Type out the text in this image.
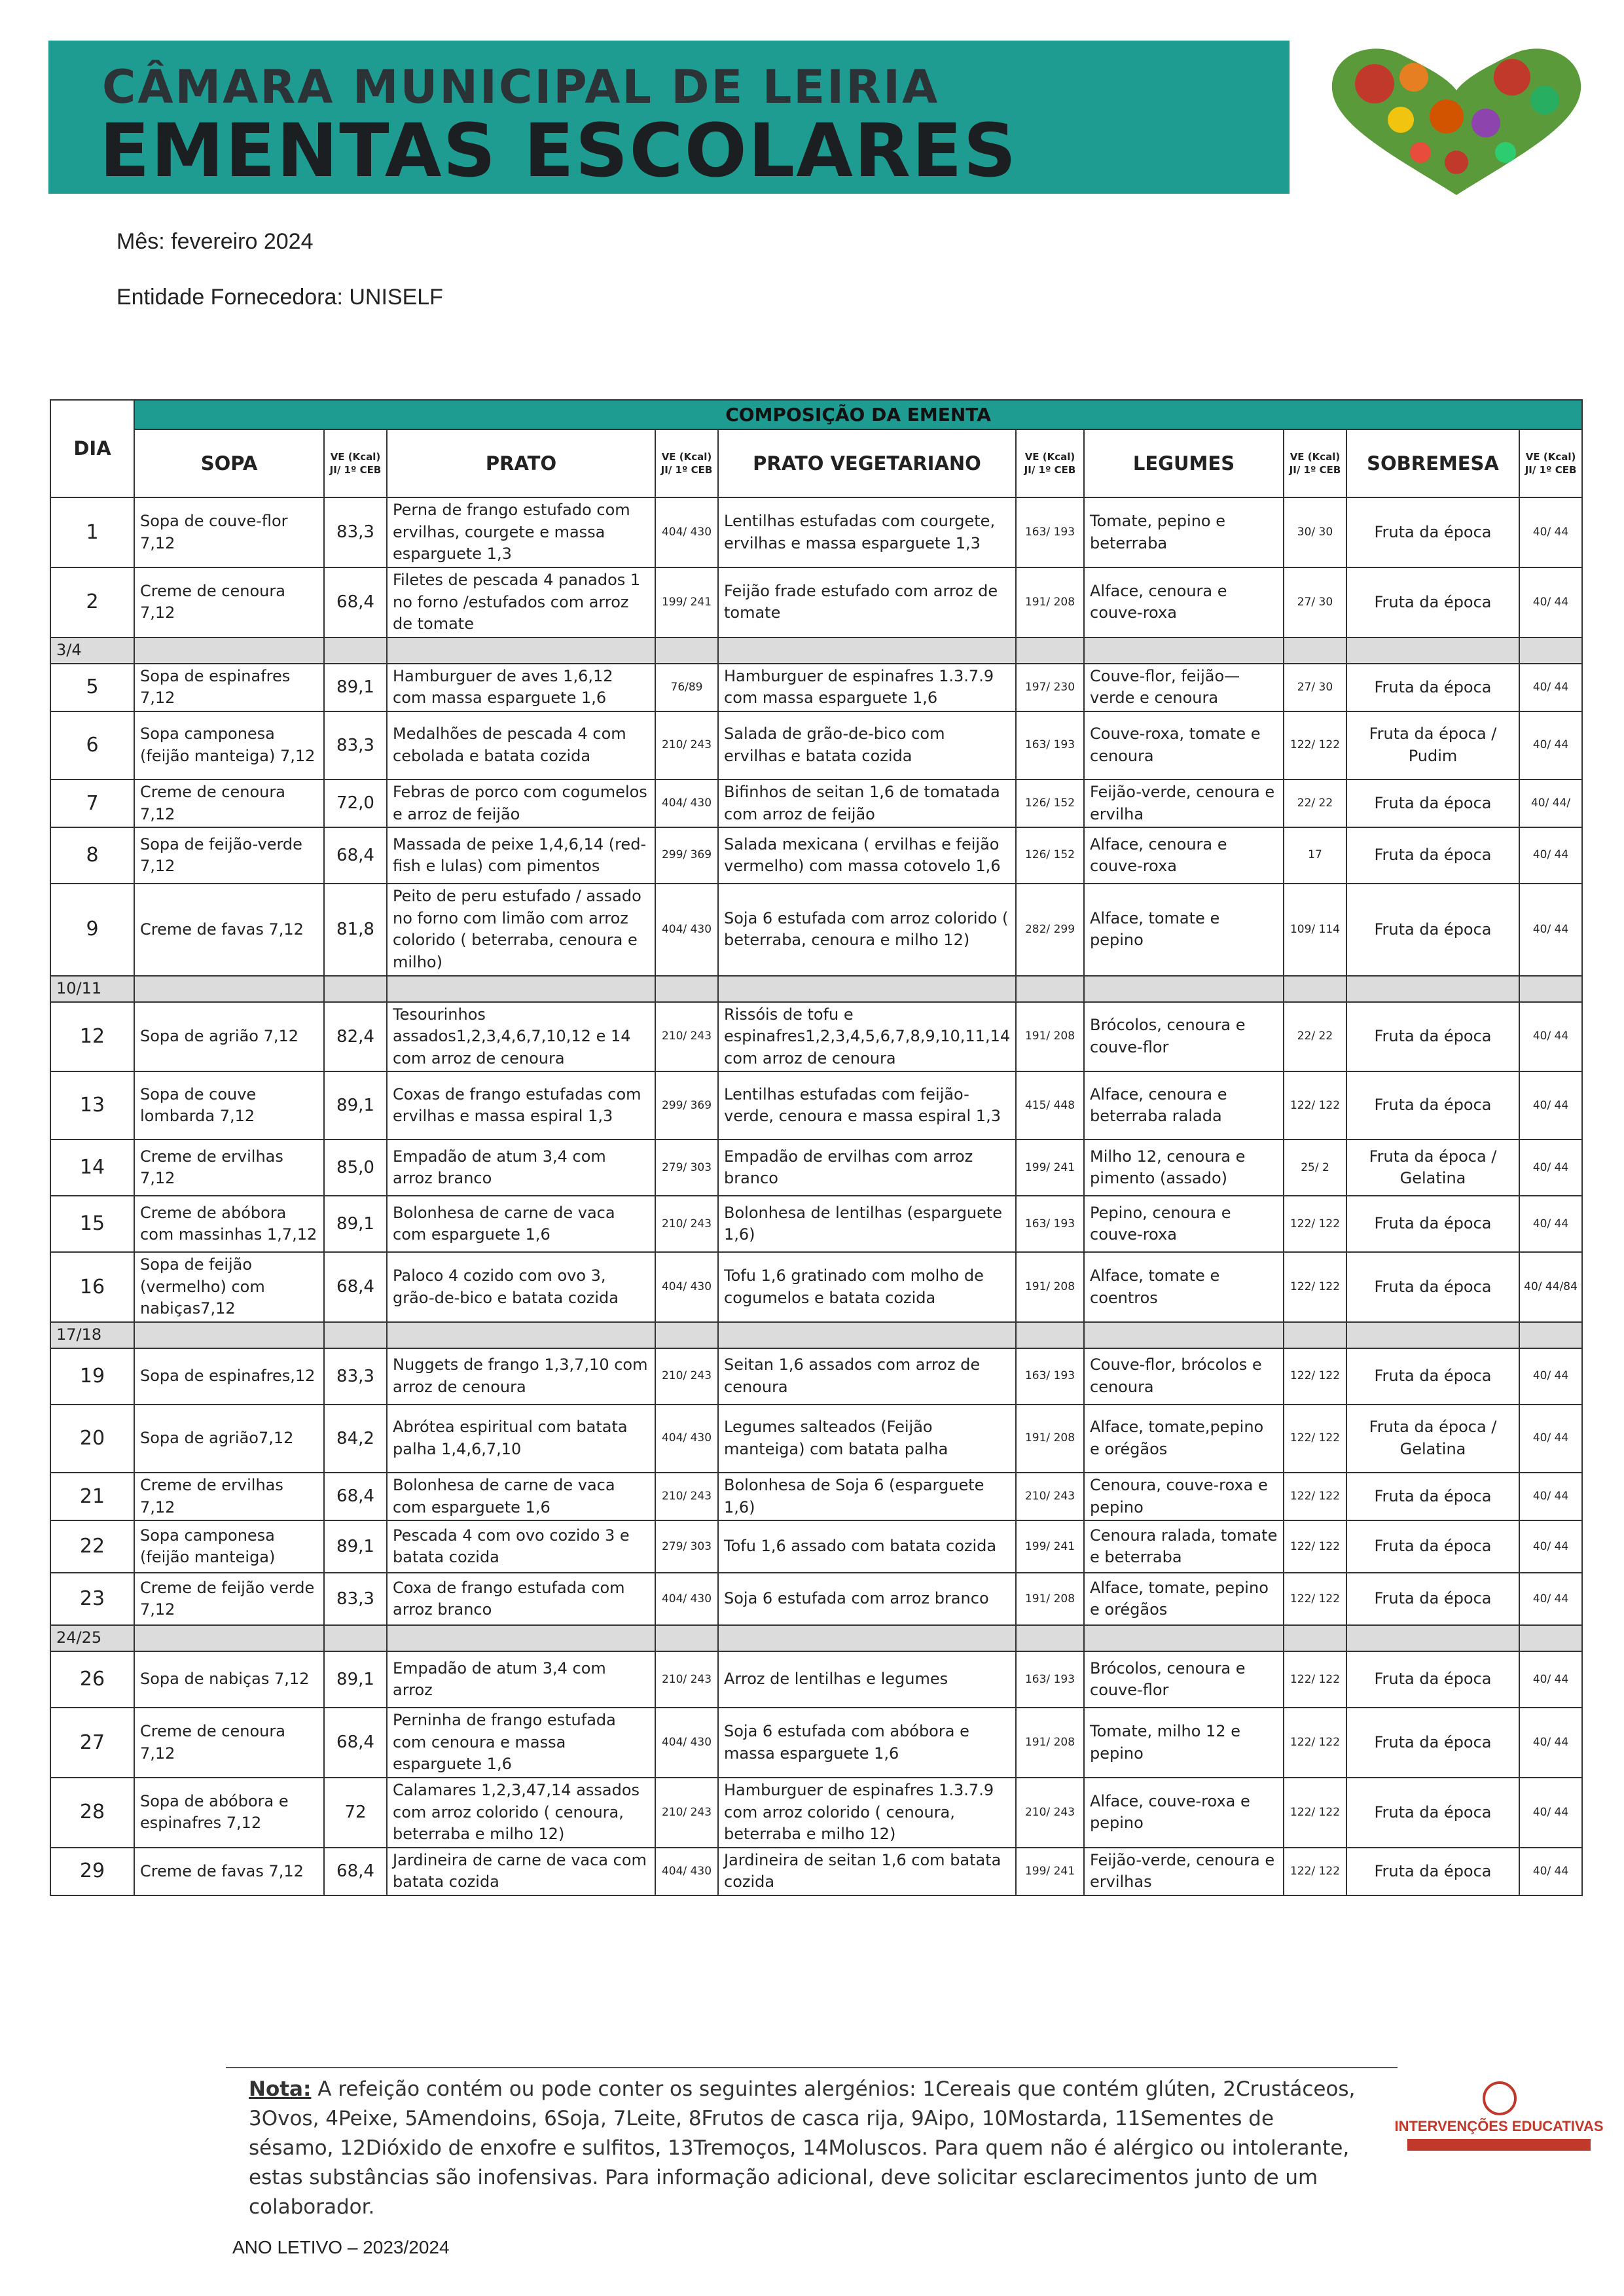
CÂMARA MUNICIPAL DE LEIRIA
EMENTAS ESCOLARES
Mês: fevereiro 2024
Entidade Fornecedora: UNISELF
DIA	COMPOSIÇÃO DA EMENTA									
	SOPA	VE (Kcal) JI/ 1º CEB	PRATO	VE (Kcal) JI/ 1º CEB	PRATO VEGETARIANO	VE (Kcal) JI/ 1º CEB	LEGUMES	VE (Kcal) JI/ 1º CEB	SOBREMESA	VE (Kcal) JI/ 1º CEB
1	Sopa de couve-flor 7,12	83,3	Perna de frango estufado com ervilhas, courgete e massa esparguete 1,3	404/ 430	Lentilhas estufadas com courgete, ervilhas e massa esparguete 1,3	163/ 193	Tomate, pepino e beterraba	30/ 30	Fruta da época	40/ 44
2	Creme de cenoura 7,12	68,4	Filetes de pescada 4 panados 1 no forno /estufados com arroz de tomate	199/ 241	Feijão frade estufado com arroz de tomate	191/ 208	Alface, cenoura e couve-roxa	27/ 30	Fruta da época	40/ 44
3/4										
5	Sopa de espinafres 7,12	89,1	Hamburguer de aves 1,6,12 com massa esparguete 1,6	76/89	Hamburguer de espinafres 1.3.7.9 com massa esparguete 1,6	197/ 230	Couve-flor, feijão—verde e cenoura	27/ 30	Fruta da época	40/ 44
6	Sopa camponesa (feijão manteiga) 7,12	83,3	Medalhões de pescada 4 com cebolada e batata cozida	210/ 243	Salada de grão-de-bico com ervilhas e batata cozida	163/ 193	Couve-roxa, tomate e cenoura	122/ 122	Fruta da época / Pudim	40/ 44
7	Creme de cenoura 7,12	72,0	Febras de porco com cogumelos e arroz de feijão	404/ 430	Bifinhos de seitan 1,6 de tomatada com arroz de feijão	126/ 152	Feijão-verde, cenoura e ervilha	22/ 22	Fruta da época	40/ 44/
8	Sopa de feijão-verde 7,12	68,4	Massada de peixe 1,4,6,14 (red-fish e lulas) com pimentos	299/ 369	Salada mexicana ( ervilhas e feijão vermelho) com massa cotovelo 1,6	126/ 152	Alface, cenoura e couve-roxa	17	Fruta da época	40/ 44
9	Creme de favas 7,12	81,8	Peito de peru estufado / assado no forno com limão com arroz colorido ( beterraba, cenoura e milho)	404/ 430	Soja 6 estufada com arroz colorido ( beterraba, cenoura e milho 12)	282/ 299	Alface, tomate e pepino	109/ 114	Fruta da época	40/ 44
10/11										
12	Sopa de agrião 7,12	82,4	Tesourinhos assados1,2,3,4,6,7,10,12 e 14 com arroz de cenoura	210/ 243	Rissóis de tofu e espinafres1,2,3,4,5,6,7,8,9,10,11,14 com arroz de cenoura	191/ 208	Brócolos, cenoura e couve-flor	22/ 22	Fruta da época	40/ 44
13	Sopa de couve lombarda 7,12	89,1	Coxas de frango estufadas com ervilhas e massa espiral 1,3	299/ 369	Lentilhas estufadas com feijão-verde, cenoura e massa espiral 1,3	415/ 448	Alface, cenoura e beterraba ralada	122/ 122	Fruta da época	40/ 44
14	Creme de ervilhas 7,12	85,0	Empadão de atum 3,4 com arroz branco	279/ 303	Empadão de ervilhas com arroz branco	199/ 241	Milho 12, cenoura e pimento (assado)	25/ 2	Fruta da época / Gelatina	40/ 44
15	Creme de abóbora com massinhas 1,7,12	89,1	Bolonhesa de carne de vaca com esparguete 1,6	210/ 243	Bolonhesa de lentilhas (esparguete 1,6)	163/ 193	Pepino, cenoura e couve-roxa	122/ 122	Fruta da época	40/ 44
16	Sopa de feijão (vermelho) com nabiças7,12	68,4	Paloco 4 cozido com ovo 3, grão-de-bico e batata cozida	404/ 430	Tofu 1,6 gratinado com molho de cogumelos e batata cozida	191/ 208	Alface, tomate e coentros	122/ 122	Fruta da época	40/ 44/84
17/18										
19	Sopa de espinafres,12	83,3	Nuggets de frango 1,3,7,10 com arroz de cenoura	210/ 243	Seitan 1,6 assados com arroz de cenoura	163/ 193	Couve-flor, brócolos e cenoura	122/ 122	Fruta da época	40/ 44
20	Sopa de agrião7,12	84,2	Abrótea espiritual com batata palha 1,4,6,7,10	404/ 430	Legumes salteados (Feijão manteiga) com batata palha	191/ 208	Alface, tomate,pepino e orégãos	122/ 122	Fruta da época / Gelatina	40/ 44
21	Creme de ervilhas 7,12	68,4	Bolonhesa de carne de vaca com esparguete 1,6	210/ 243	Bolonhesa de Soja 6 (esparguete 1,6)	210/ 243	Cenoura, couve-roxa e pepino	122/ 122	Fruta da época	40/ 44
22	Sopa camponesa (feijão manteiga)	89,1	Pescada 4 com ovo cozido 3 e batata cozida	279/ 303	Tofu 1,6 assado com batata cozida	199/ 241	Cenoura ralada, tomate e beterraba	122/ 122	Fruta da época	40/ 44
23	Creme de feijão verde 7,12	83,3	Coxa de frango estufada com arroz branco	404/ 430	Soja 6 estufada com arroz branco	191/ 208	Alface, tomate, pepino e orégãos	122/ 122	Fruta da época	40/ 44
24/25										
26	Sopa de nabiças 7,12	89,1	Empadão de atum 3,4 com arroz	210/ 243	Arroz de lentilhas e legumes	163/ 193	Brócolos, cenoura e couve-flor	122/ 122	Fruta da época	40/ 44
27	Creme de cenoura 7,12	68,4	Perninha de frango estufada com cenoura e massa esparguete 1,6	404/ 430	Soja 6 estufada com abóbora e massa esparguete 1,6	191/ 208	Tomate, milho 12 e pepino	122/ 122	Fruta da época	40/ 44
28	Sopa de abóbora e espinafres 7,12	72	Calamares 1,2,3,47,14 assados com arroz colorido ( cenoura, beterraba e milho 12)	210/ 243	Hamburguer de espinafres 1.3.7.9 com arroz colorido ( cenoura, beterraba e milho 12)	210/ 243	Alface, couve-roxa e pepino	122/ 122	Fruta da época	40/ 44
29	Creme de favas 7,12	68,4	Jardineira de carne de vaca com batata cozida	404/ 430	Jardineira de seitan 1,6 com batata cozida	199/ 241	Feijão-verde, cenoura e ervilhas	122/ 122	Fruta da época	40/ 44
Nota: A refeição contém ou pode conter os seguintes alergénios: 1Cereais que contém glúten, 2Crustáceos, 3Ovos, 4Peixe, 5Amendoins, 6Soja, 7Leite, 8Frutos de casca rija, 9Aipo, 10Mostarda, 11Sementes de sésamo, 12Dióxido de enxofre e sulfitos, 13Tremoços, 14Moluscos. Para quem não é alérgico ou intolerante, estas substâncias são inofensivas. Para informação adicional, deve solicitar esclarecimentos junto de um colaborador.
INTERVENÇÕES EDUCATIVAS
ANO LETIVO – 2023/2024
